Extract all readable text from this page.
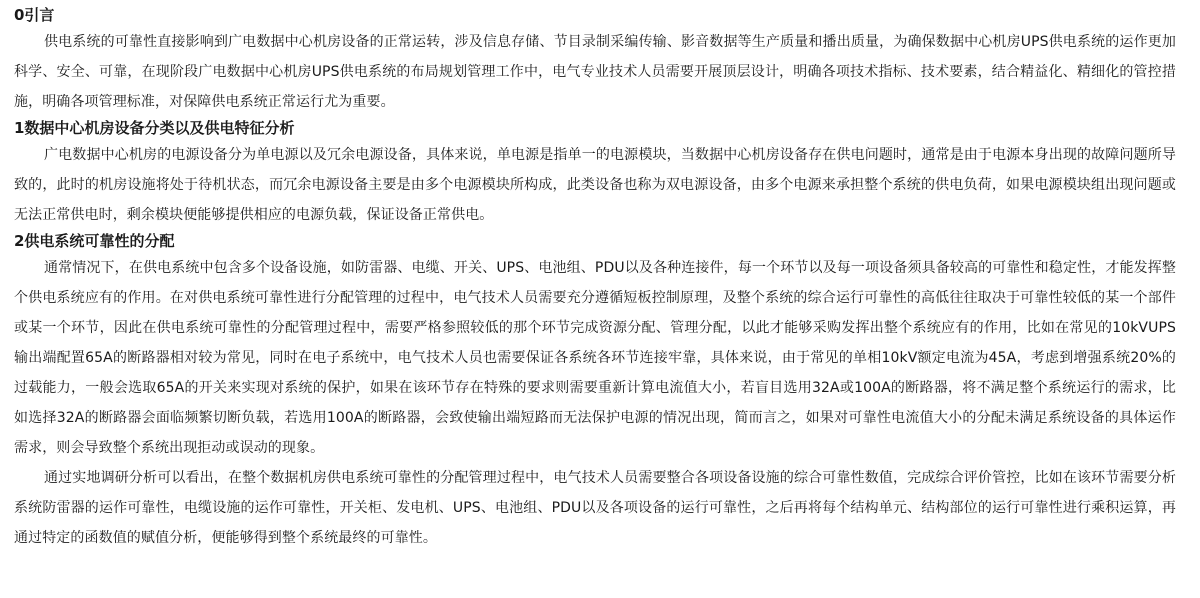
0引言

供电系统的可靠性直接影响到广电数据中心机房设备的正常运转，涉及信息存储、节目录制采编传输、影音数据等生产质量和播出质量，为确保数据中心机房UPS供电系统的运作更加科学、安全、可靠，在现阶段广电数据中心机房UPS供电系统的布局规划管理工作中，电气专业技术人员需要开展顶层设计，明确各项技术指标、技术要素，结合精益化、精细化的管控措施，明确各项管理标准，对保障供电系统正常运行尤为重要。

1数据中心机房设备分类以及供电特征分析

广电数据中心机房的电源设备分为单电源以及冗余电源设备，具体来说，单电源是指单一的电源模块，当数据中心机房设备存在供电问题时，通常是由于电源本身出现的故障问题所导致的，此时的机房设施将处于待机状态，而冗余电源设备主要是由多个电源模块所构成，此类设备也称为双电源设备，由多个电源来承担整个系统的供电负荷，如果电源模块组出现问题或无法正常供电时，剩余模块便能够提供相应的电源负载，保证设备正常供电。

2供电系统可靠性的分配

通常情况下，在供电系统中包含多个设备设施，如防雷器、电缆、开关、UPS、电池组、PDU以及各种连接件，每一个环节以及每一项设备须具备较高的可靠性和稳定性，才能发挥整个供电系统应有的作用。在对供电系统可靠性进行分配管理的过程中，电气技术人员需要充分遵循短板控制原理，及整个系统的综合运行可靠性的高低往往取决于可靠性较低的某一个部件或某一个环节，因此在供电系统可靠性的分配管理过程中，需要严格参照较低的那个环节完成资源分配、管理分配，以此才能够采购发挥出整个系统应有的作用，比如在常见的10kVUPS输出端配置65A的断路器相对较为常见，同时在电子系统中，电气技术人员也需要保证各系统各环节连接牢靠，具体来说，由于常见的单相10kV额定电流为45A，考虑到增强系统20%的过载能力，一般会选取65A的开关来实现对系统的保护，如果在该环节存在特殊的要求则需要重新计算电流值大小，若盲目选用32A或100A的断路器，将不满足整个系统运行的需求，比如选择32A的断路器会面临频繁切断负载，若选用100A的断路器，会致使输出端短路而无法保护电源的情况出现，简而言之，如果对可靠性电流值大小的分配未满足系统设备的具体运作需求，则会导致整个系统出现拒动或误动的现象。

通过实地调研分析可以看出，在整个数据机房供电系统可靠性的分配管理过程中，电气技术人员需要整合各项设备设施的综合可靠性数值，完成综合评价管控，比如在该环节需要分析系统防雷器的运作可靠性，电缆设施的运作可靠性，开关柜、发电机、UPS、电池组、PDU以及各项设备的运行可靠性，之后再将每个结构单元、结构部位的运行可靠性进行乘积运算，再通过特定的函数值的赋值分析，便能够得到整个系统最终的可靠性。
